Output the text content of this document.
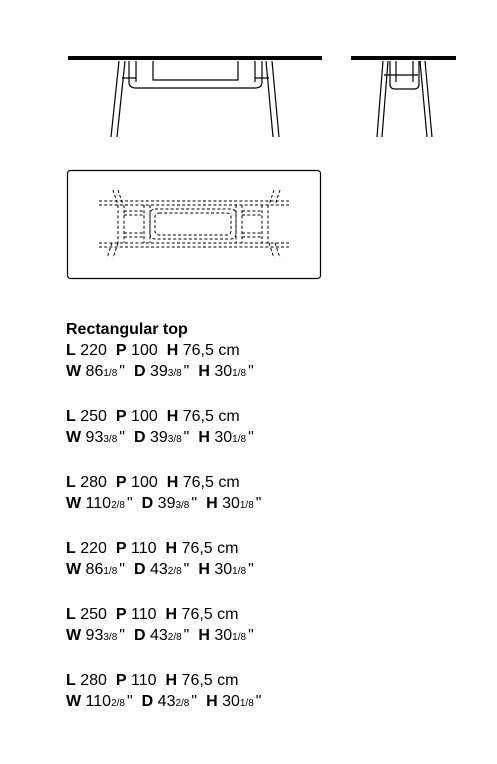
Rectangular top

L 220 P 100 H 76,5 cm
W 861/8 " D 393/8 " H 301/8 "
L 250 P 100 H 76,5 cm
W 933/8 " D 393/8 " H 301/8 "
L 280 P 100 H 76,5 cm
W 1102/8 " D 393/8 " H 301/8 "
L 220 P 110 H 76,5 cm
W 861/8 " D 432/8 " H 301/8 "
L 250 P 110 H 76,5 cm
W 933/8 " D 432/8 " H 301/8 "
L 280 P 110 H 76,5 cm
W 1102/8 " D 432/8 " H 301/8 "
